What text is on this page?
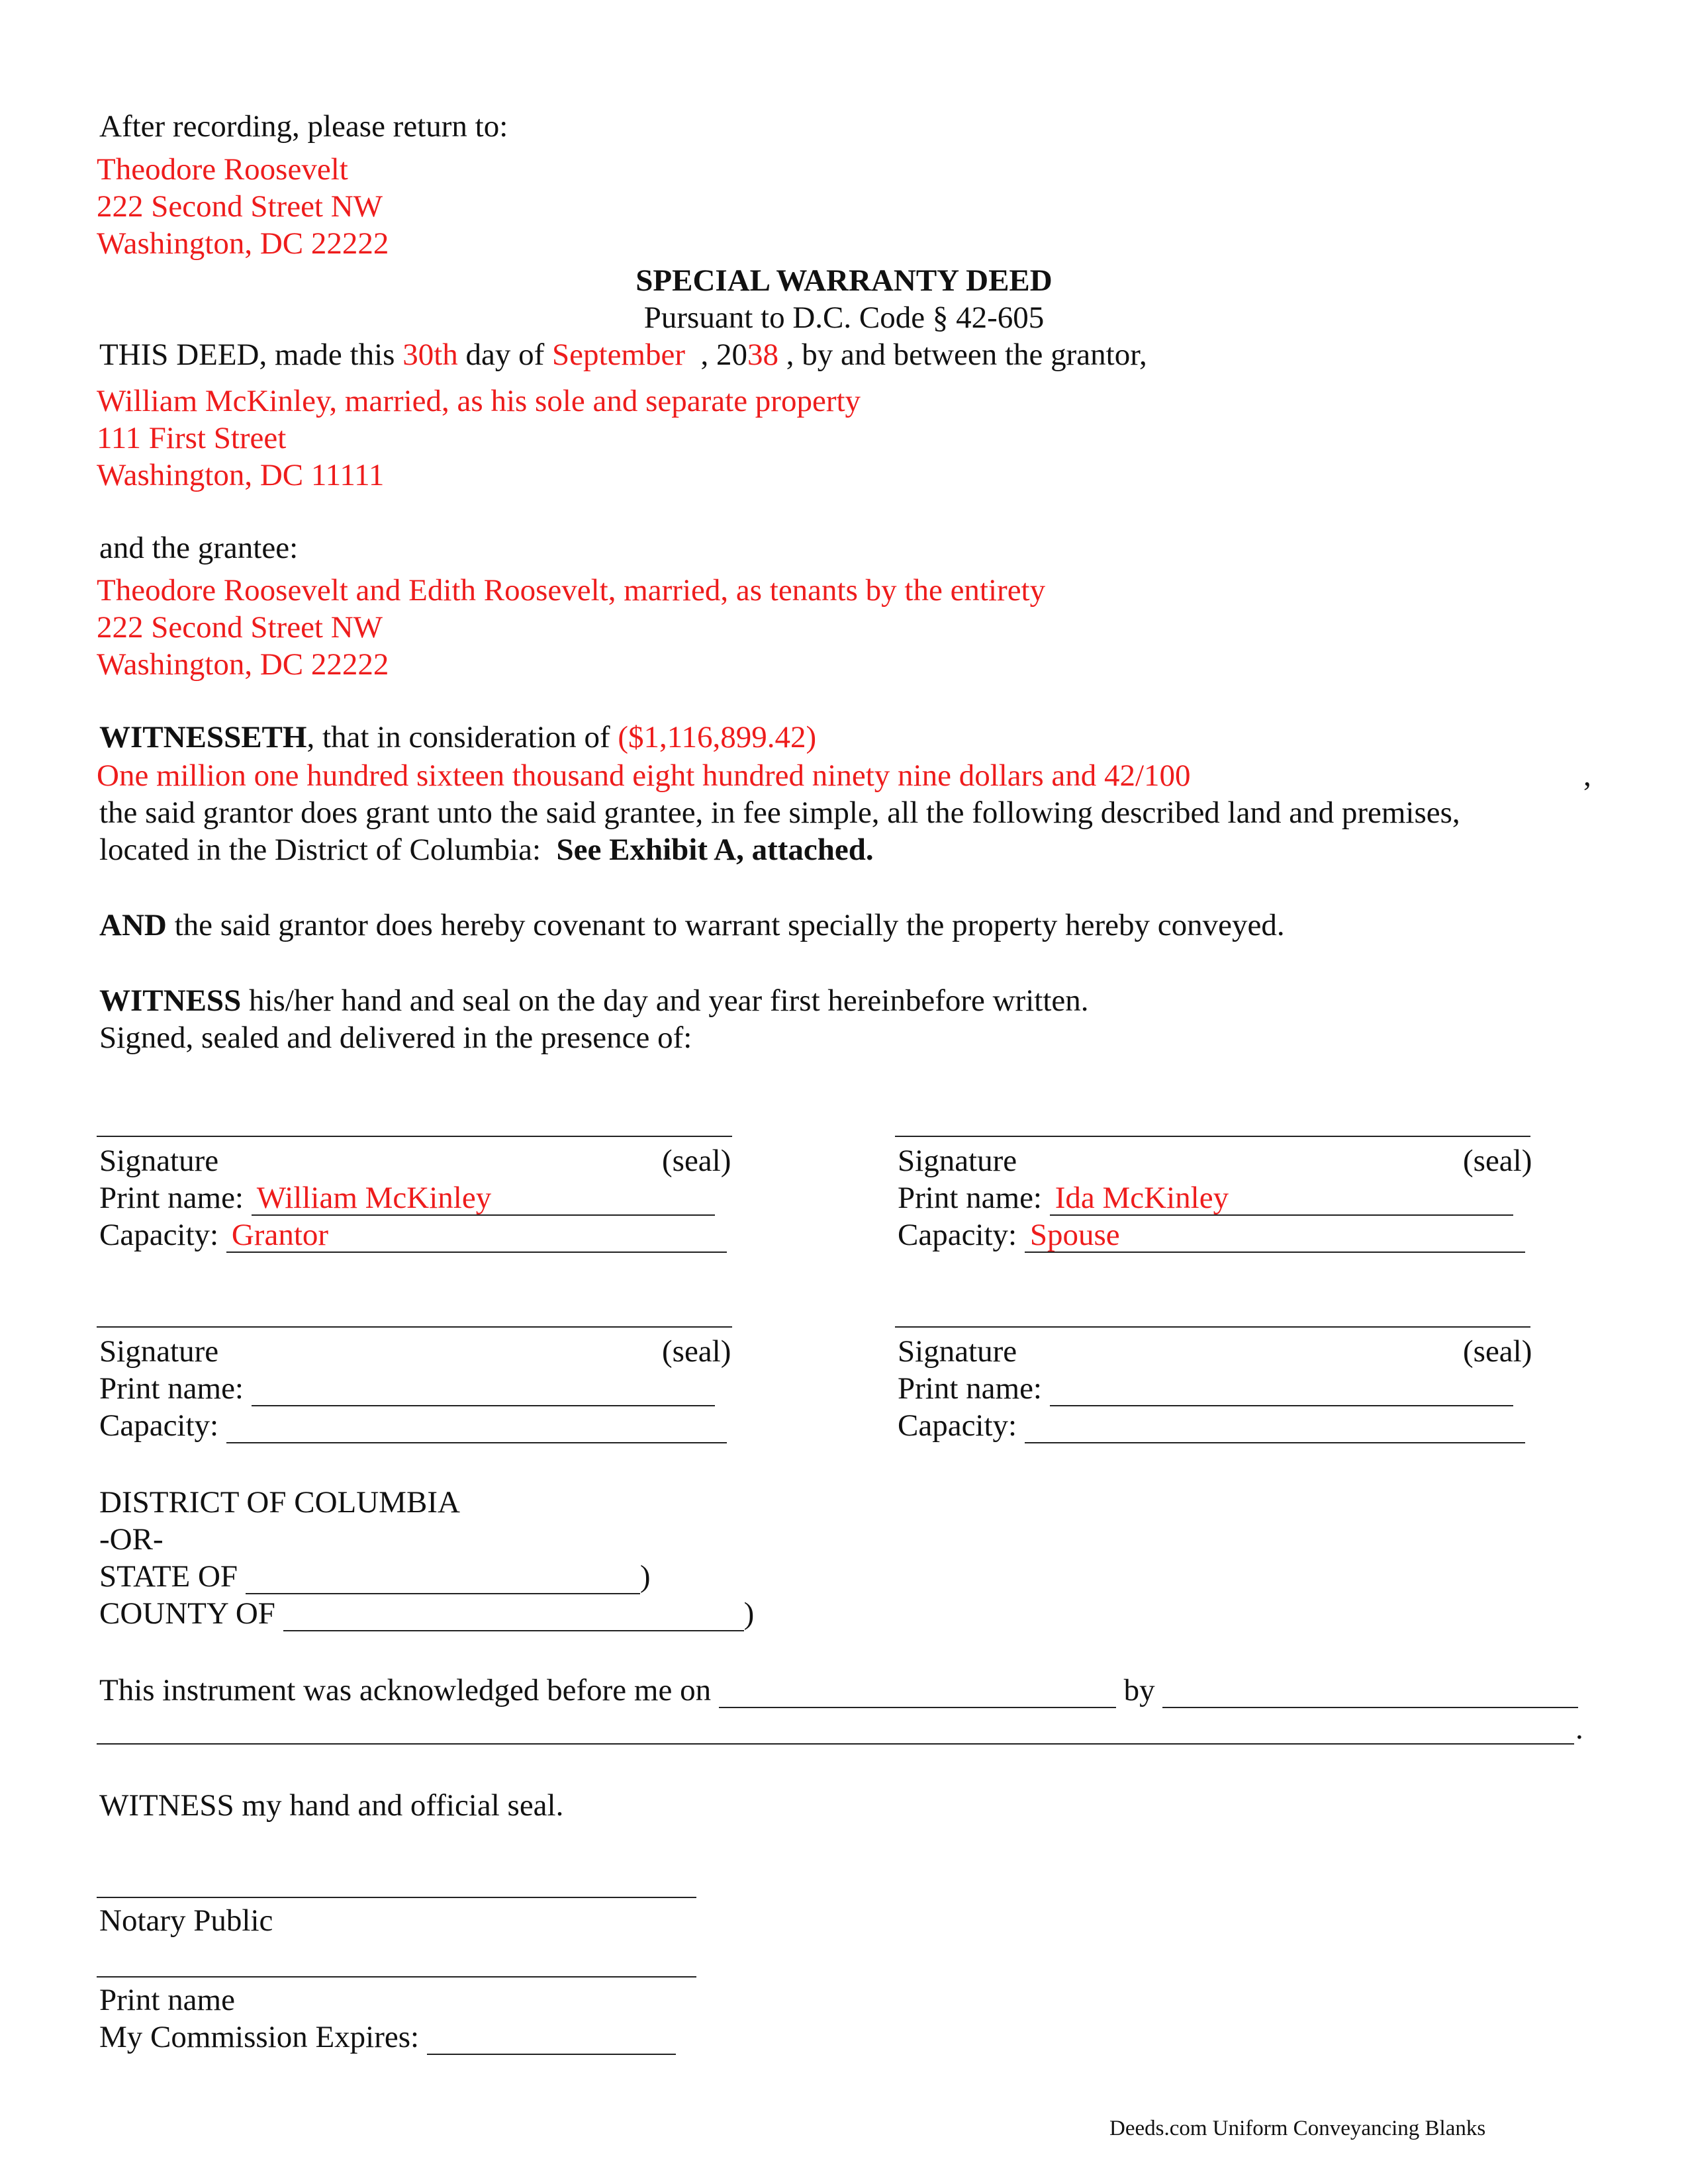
After recording, please return to:
Theodore Roosevelt
222 Second Street NW
Washington, DC 22222
SPECIAL WARRANTY DEED
Pursuant to D.C. Code § 42-605
THIS DEED, made this 30th day of September  , 2038 , by and between the grantor,
William McKinley, married, as his sole and separate property
111 First Street
Washington, DC 11111
and the grantee:
Theodore Roosevelt and Edith Roosevelt, married, as tenants by the entirety
222 Second Street NW
Washington, DC 22222
WITNESSETH, that in consideration of ($1,116,899.42)
One million one hundred sixteen thousand eight hundred ninety nine dollars and 42/100	,
the said grantor does grant unto the said grantee, in fee simple, all the following described land and premises,
located in the District of Columbia:  See Exhibit A, attached.
AND the said grantor does hereby covenant to warrant specially the property hereby conveyed.
WITNESS his/her hand and seal on the day and year first hereinbefore written.
Signed, sealed and delivered in the presence of:
Signature	(seal)
Print name: William McKinley
Capacity: Grantor
Signature	(seal)
Print name: Ida McKinley
Capacity: Spouse
Signature	(seal)
Print name:
Capacity:
Signature	(seal)
Print name:
Capacity:
DISTRICT OF COLUMBIA
-OR-
STATE OF	)
COUNTY OF	)
This instrument was acknowledged before me on	by
.
WITNESS my hand and official seal.
Notary Public
Print name
My Commission Expires:
Deeds.com Uniform Conveyancing Blanks
